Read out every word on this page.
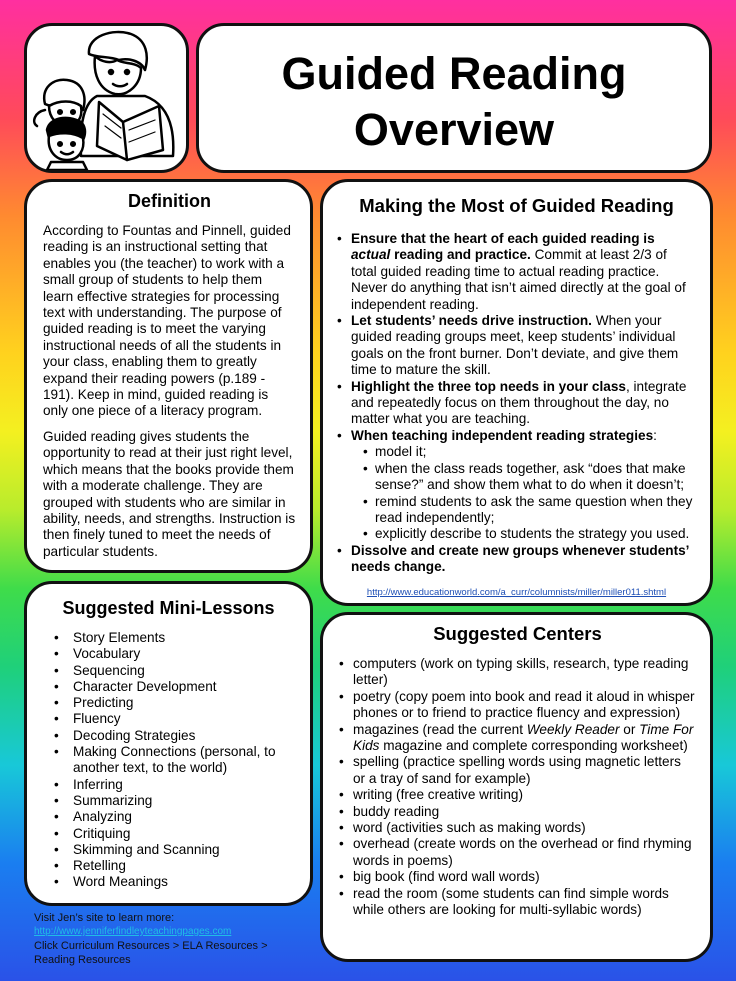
Guided Reading
Overview
Definition

According to Fountas and Pinnell, guided reading is an instructional setting that enables you (the teacher) to work with a small group of students to help them learn effective strategies for processing text with understanding. The purpose of guided reading is to meet the varying instructional needs of all the students in your class, enabling them to greatly expand their reading powers (p.189 - 191). Keep in mind, guided reading is only one piece of a literacy program.

Guided reading gives students the opportunity to read at their just right level, which means that the books provide them with a moderate challenge. They are grouped with students who are similar in ability, needs, and strengths. Instruction is then finely tuned to meet the needs of particular students.

Making the Most of Guided Reading
• Ensure that the heart of each guided reading is actual reading and practice. Commit at least 2/3 of total guided reading time to actual reading practice. Never do anything that isn’t aimed directly at the goal of independent reading.
• Let students’ needs drive instruction. When your guided reading groups meet, keep students’ individual goals on the front burner. Don’t deviate, and give them time to mature the skill.
• Highlight the three top needs in your class, integrate and repeatedly focus on them throughout the day, no matter what you are teaching.
• When teaching independent reading strategies:
• model it;
• when the class reads together, ask “does that make sense?” and show them what to do when it doesn’t;
• remind students to ask the same question when they read independently;
• explicitly describe to students the strategy you used.
• Dissolve and create new groups whenever students’ needs change.
http://www.educationworld.com/a_curr/columnists/miller/miller011.shtml
Suggested Mini-Lessons
• Story Elements
• Vocabulary
• Sequencing
• Character Development
• Predicting
• Fluency
• Decoding Strategies
• Making Connections (personal, to another text, to the world)
• Inferring
• Summarizing
• Analyzing
• Critiquing
• Skimming and Scanning
• Retelling
• Word Meanings
Suggested Centers
• computers (work on typing skills, research, type reading letter)
• poetry (copy poem into book and read it aloud in whisper phones or to friend to practice fluency and expression)
• magazines (read the current Weekly Reader or Time For Kids magazine and complete corresponding worksheet)
• spelling (practice spelling words using magnetic letters or a tray of sand for example)
• writing (free creative writing)
• buddy reading
• word (activities such as making words)
• overhead (create words on the overhead or find rhyming words in poems)
• big book (find word wall words)
• read the room (some students can find simple words while others are looking for multi-syllabic words)
Visit Jen’s site to learn more:
http://www.jenniferfindleyteachingpages.com
Click Curriculum Resources > ELA Resources > Reading Resources
